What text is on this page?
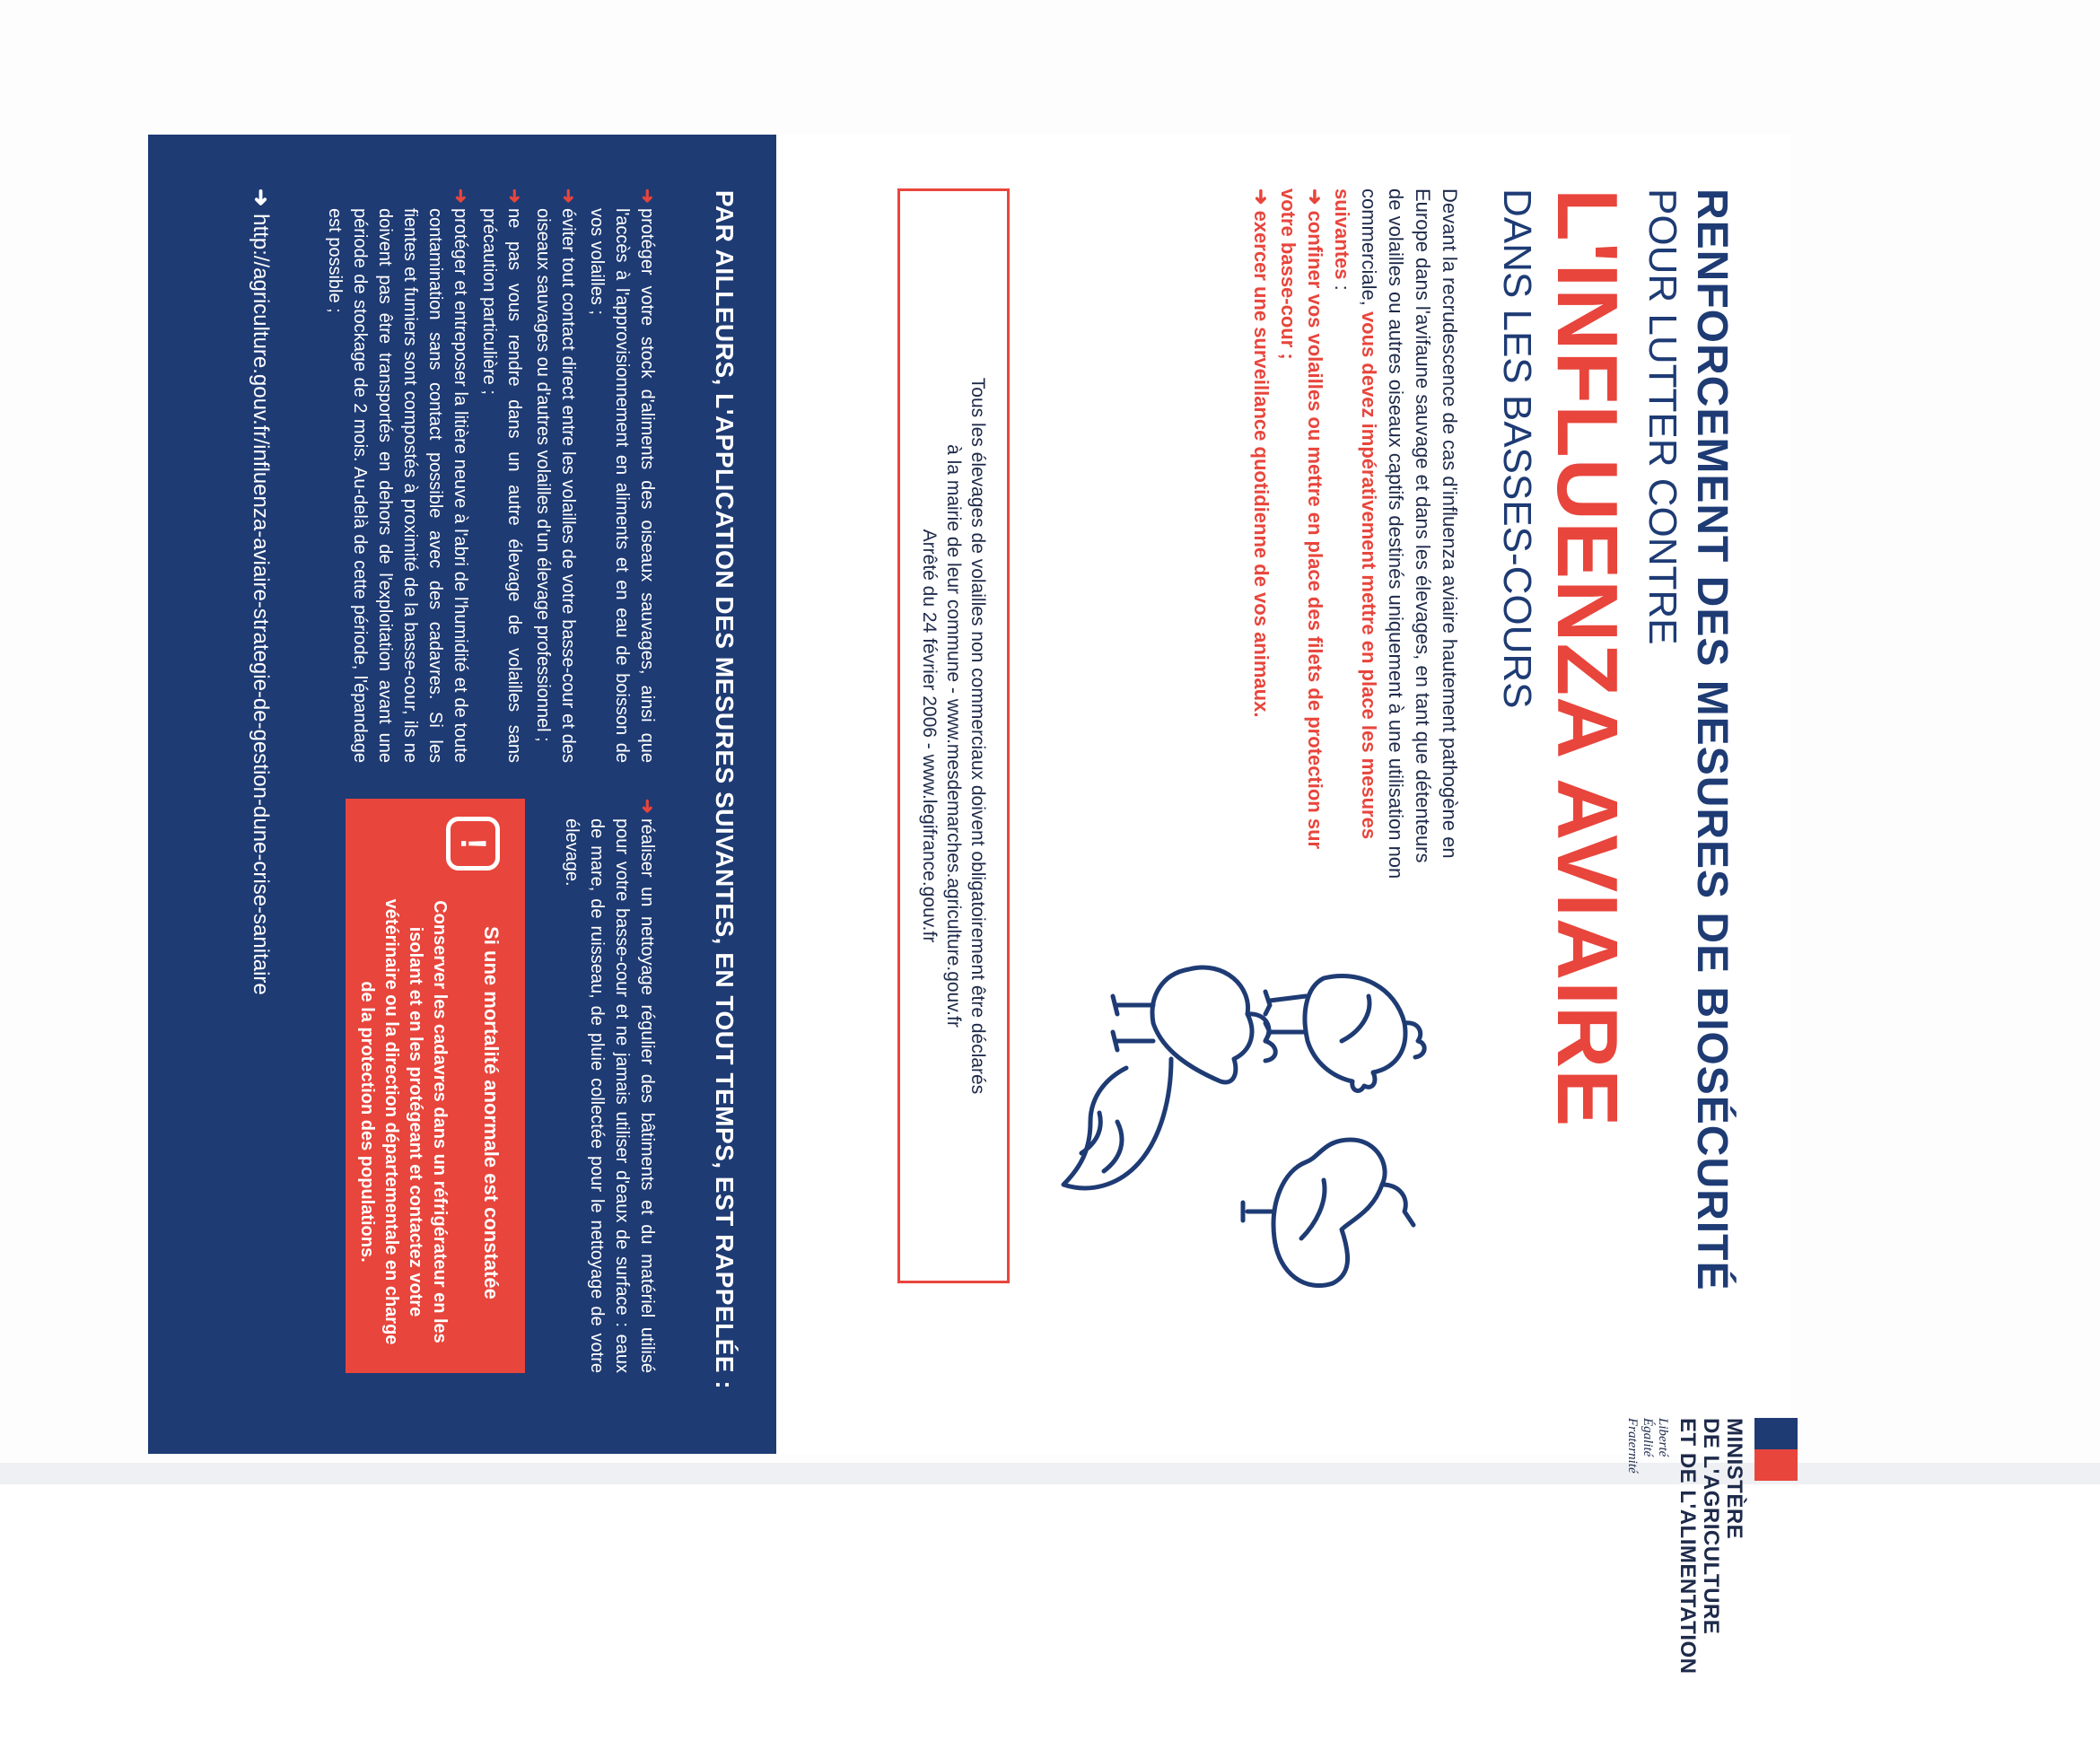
MINISTÈRE
DE L'AGRICULTURE
ET DE L'ALIMENTATION
Liberté
Égalité
Fraternité
RENFORCEMENT DES MESURES DE BIOSÉCURITÉ
POUR LUTTER CONTRE
L'INFLUENZA AVIAIRE
DANS LES BASSES-COURS
Devant la recrudescence de cas d'influenza aviaire hautement pathogène en Europe dans l'avifaune sauvage et dans les élevages, en tant que détenteurs de volailles ou autres oiseaux captifs destinés uniquement à une utilisation non commerciale, vous devez impérativement mettre en place les mesures suivantes :
➜ confiner vos volailles ou mettre en place des filets de protection sur votre basse-cour ;
➜ exercer une surveillance quotidienne de vos animaux.
Tous les élevages de volailles non commerciaux doivent obligatoirement être déclarés
à la mairie de leur commune - www.mesdemarches.agriculture.gouv.fr
Arrêté du 24 février 2006 - www.legifrance.gouv.fr
PAR AILLEURS, L'APPLICATION DES MESURES SUIVANTES, EN TOUT TEMPS, EST RAPPELÉE :
➜
protéger votre stock d'aliments des oiseaux sauvages, ainsi que l'accès à l'approvisionnement en aliments et en eau de boisson de vos volailles ;
➜
éviter tout contact direct entre les volailles de votre basse-cour et des oiseaux sauvages ou d'autres volailles d'un élevage professionnel ;
➜
ne pas vous rendre dans un autre élevage de volailles sans précaution particulière ;
➜
protéger et entreposer la litière neuve à l'abri de l'humidité et de toute contamination sans contact possible avec des cadavres. Si les fientes et fumiers sont compostés à proximité de la basse-cour, ils ne doivent pas être transportés en dehors de l'exploitation avant une période de stockage de 2 mois. Au-delà de cette période, l'épandage est possible ;
➜
réaliser un nettoyage régulier des bâtiments et du matériel utilisé pour votre basse-cour et ne jamais utiliser d'eaux de surface : eaux de mare, de ruisseau, de pluie collectée pour le nettoyage de votre élevage.
!
Si une mortalité anormale est constatée
Conserver les cadavres dans un réfrigérateur en les isolant et en les protégeant et contactez votre vétérinaire ou la direction départementale en charge de la protection des populations.
➜http://agriculture.gouv.fr/influenza-aviaire-strategie-de-gestion-dune-crise-sanitaire
